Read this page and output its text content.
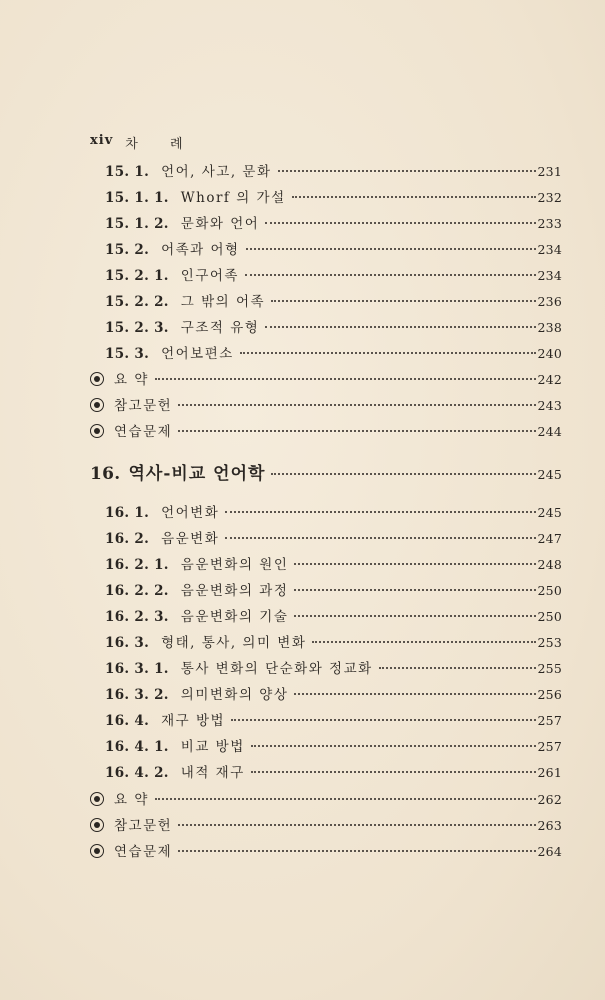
xiv 차 례
15. 1. 언어, 사고, 문화	231
15. 1. 1. Whorf 의 가설	232
15. 1. 2. 문화와 언어	233
15. 2. 어족과 어형	234
15. 2. 1. 인구어족	234
15. 2. 2. 그 밖의 어족	236
15. 2. 3. 구조적 유형	238
15. 3. 언어보편소	240
요 약	242
참고문헌	243
연습문제	244
16. 역사-비교 언어학	245
16. 1. 언어변화	245
16. 2. 음운변화	247
16. 2. 1. 음운변화의 원인	248
16. 2. 2. 음운변화의 과정	250
16. 2. 3. 음운변화의 기술	250
16. 3. 형태, 통사, 의미 변화	253
16. 3. 1. 통사 변화의 단순화와 정교화	255
16. 3. 2. 의미변화의 양상	256
16. 4. 재구 방법	257
16. 4. 1. 비교 방법	257
16. 4. 2. 내적 재구	261
요 약	262
참고문헌	263
연습문제	264
